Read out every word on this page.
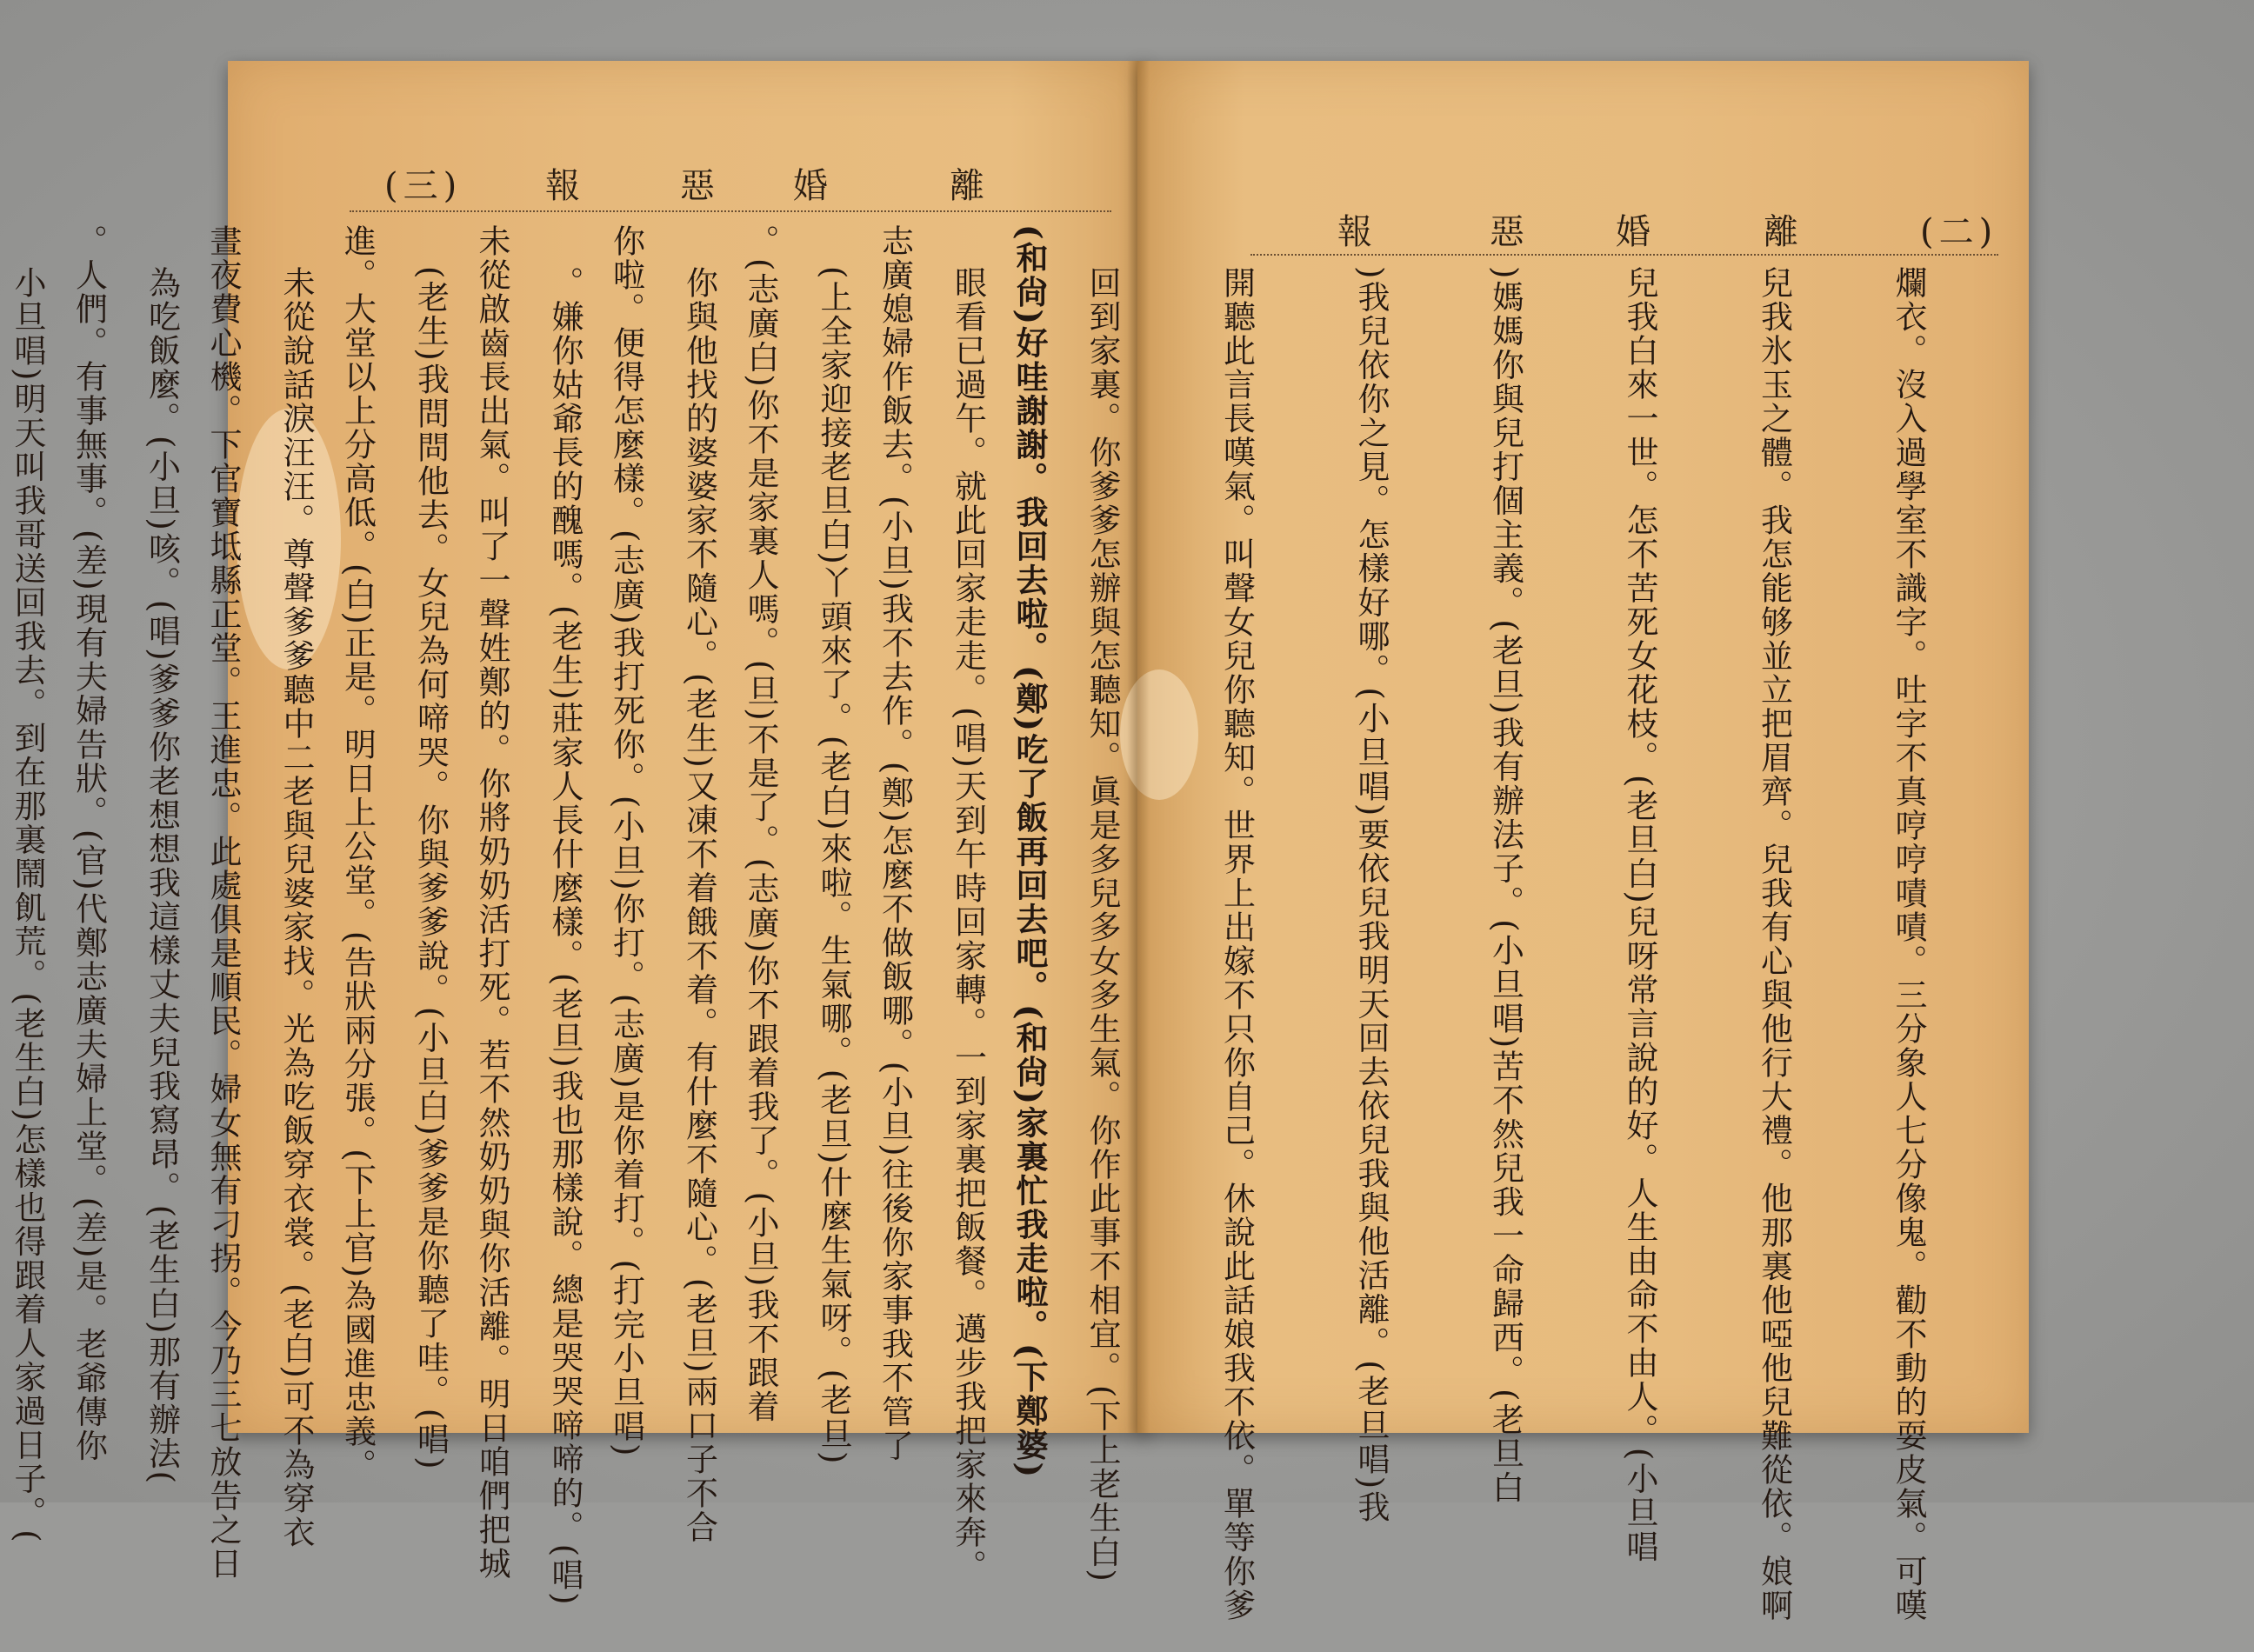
(三)	離
婚
惡
報

(和尙)好哇謝謝。我回去啦。(鄭)吃了飯再回去吧。(和尙)家裏忙我走啦。(下鄭婆)

志廣媳婦作飯去。(小旦)我不去作。(鄭)怎麼不做飯哪。(小旦)往後你家事我不管了

。(志廣白)你不是家裏人嗎。(旦)不是了。(志廣)你不跟着我了。(小旦)我不跟着

你啦。便得怎麼樣。(志廣)我打死你。(小旦)你打。(志廣)是你着打。(打完小旦唱)

未從啟齒長出氣。叫了一聲姓鄭的。你將奶奶活打死。若不然奶奶與你活離。明日咱們把城

進。大堂以上分高低。(白)正是。明日上公堂。(告狀兩分張。(下上官)為國進忠義。

晝夜費心機。下官寶坻縣正堂。王進忠。此處俱是順民。婦女無有刁拐。今乃三七放告之日

。人們。有事無事。(差)現有夫婦告狀。(官)代鄭志廣夫婦上堂。(差)是。老爺傳你

	(二)
離
婚
惡
報

爛衣。沒入過學室不識字。吐字不真哼哼嘖嘖。三分象人七分像鬼。勸不動的耍皮氣。可嘆

兒我氷玉之體。我怎能够並立把眉齊。兒我有心與他行大禮。他那裏他啞他兒難從依。娘啊

兒我白來一世。怎不苦死女花枝。(老旦白)兒呀常言說的好。人生由命不由人。(小旦唱

)媽媽你與兒打個主義。(老旦)我有辦法子。(小旦唱)苦不然兒我一命歸西。(老旦白

)我兒依你之見。怎樣好哪。(小旦唱)要依兒我明天回去依兒我與他活離。(老旦唱)我

開聽此言長嘆氣。叫聲女兒你聽知。世界上出嫁不只你自己。休說此話娘我不依。單等你爹

回到家裏。你爹爹怎辦與怎聽知。眞是多兒多女多生氣。你作此事不相宜。(下上老生白)

眼看已過午。就此回家走走。(唱)天到午時回家轉。一到家裏把飯餐。邁步我把家來奔。

(上全家迎接老旦白)丫頭來了。(老白)來啦。生氣哪。(老旦)什麼生氣呀。(老旦)

你與他找的婆婆家不隨心。(老生)又凍不着餓不着。有什麼不隨心。(老旦)兩口子不合

。嫌你姑爺長的醜嗎。(老生)莊家人長什麼樣。(老旦)我也那樣說。總是哭哭啼啼的。(唱)

(老生)我問問他去。女兒為何啼哭。你與爹爹說。(小旦白)爹爹是你聽了哇。(唱)

未從說話淚汪汪。尊聲爹爹聽中二老與兒婆家找。光為吃飯穿衣裳。(老白)可不為穿衣

為吃飯麼。(小旦)咳。(唱)爹爹你老想想我這樣丈夫兒我寫昂。(老生白)那有辦法(

小旦唱)明天叫我哥送回我去。到在那裏鬧飢荒。(老生白)怎樣也得跟着人家過日子。(
